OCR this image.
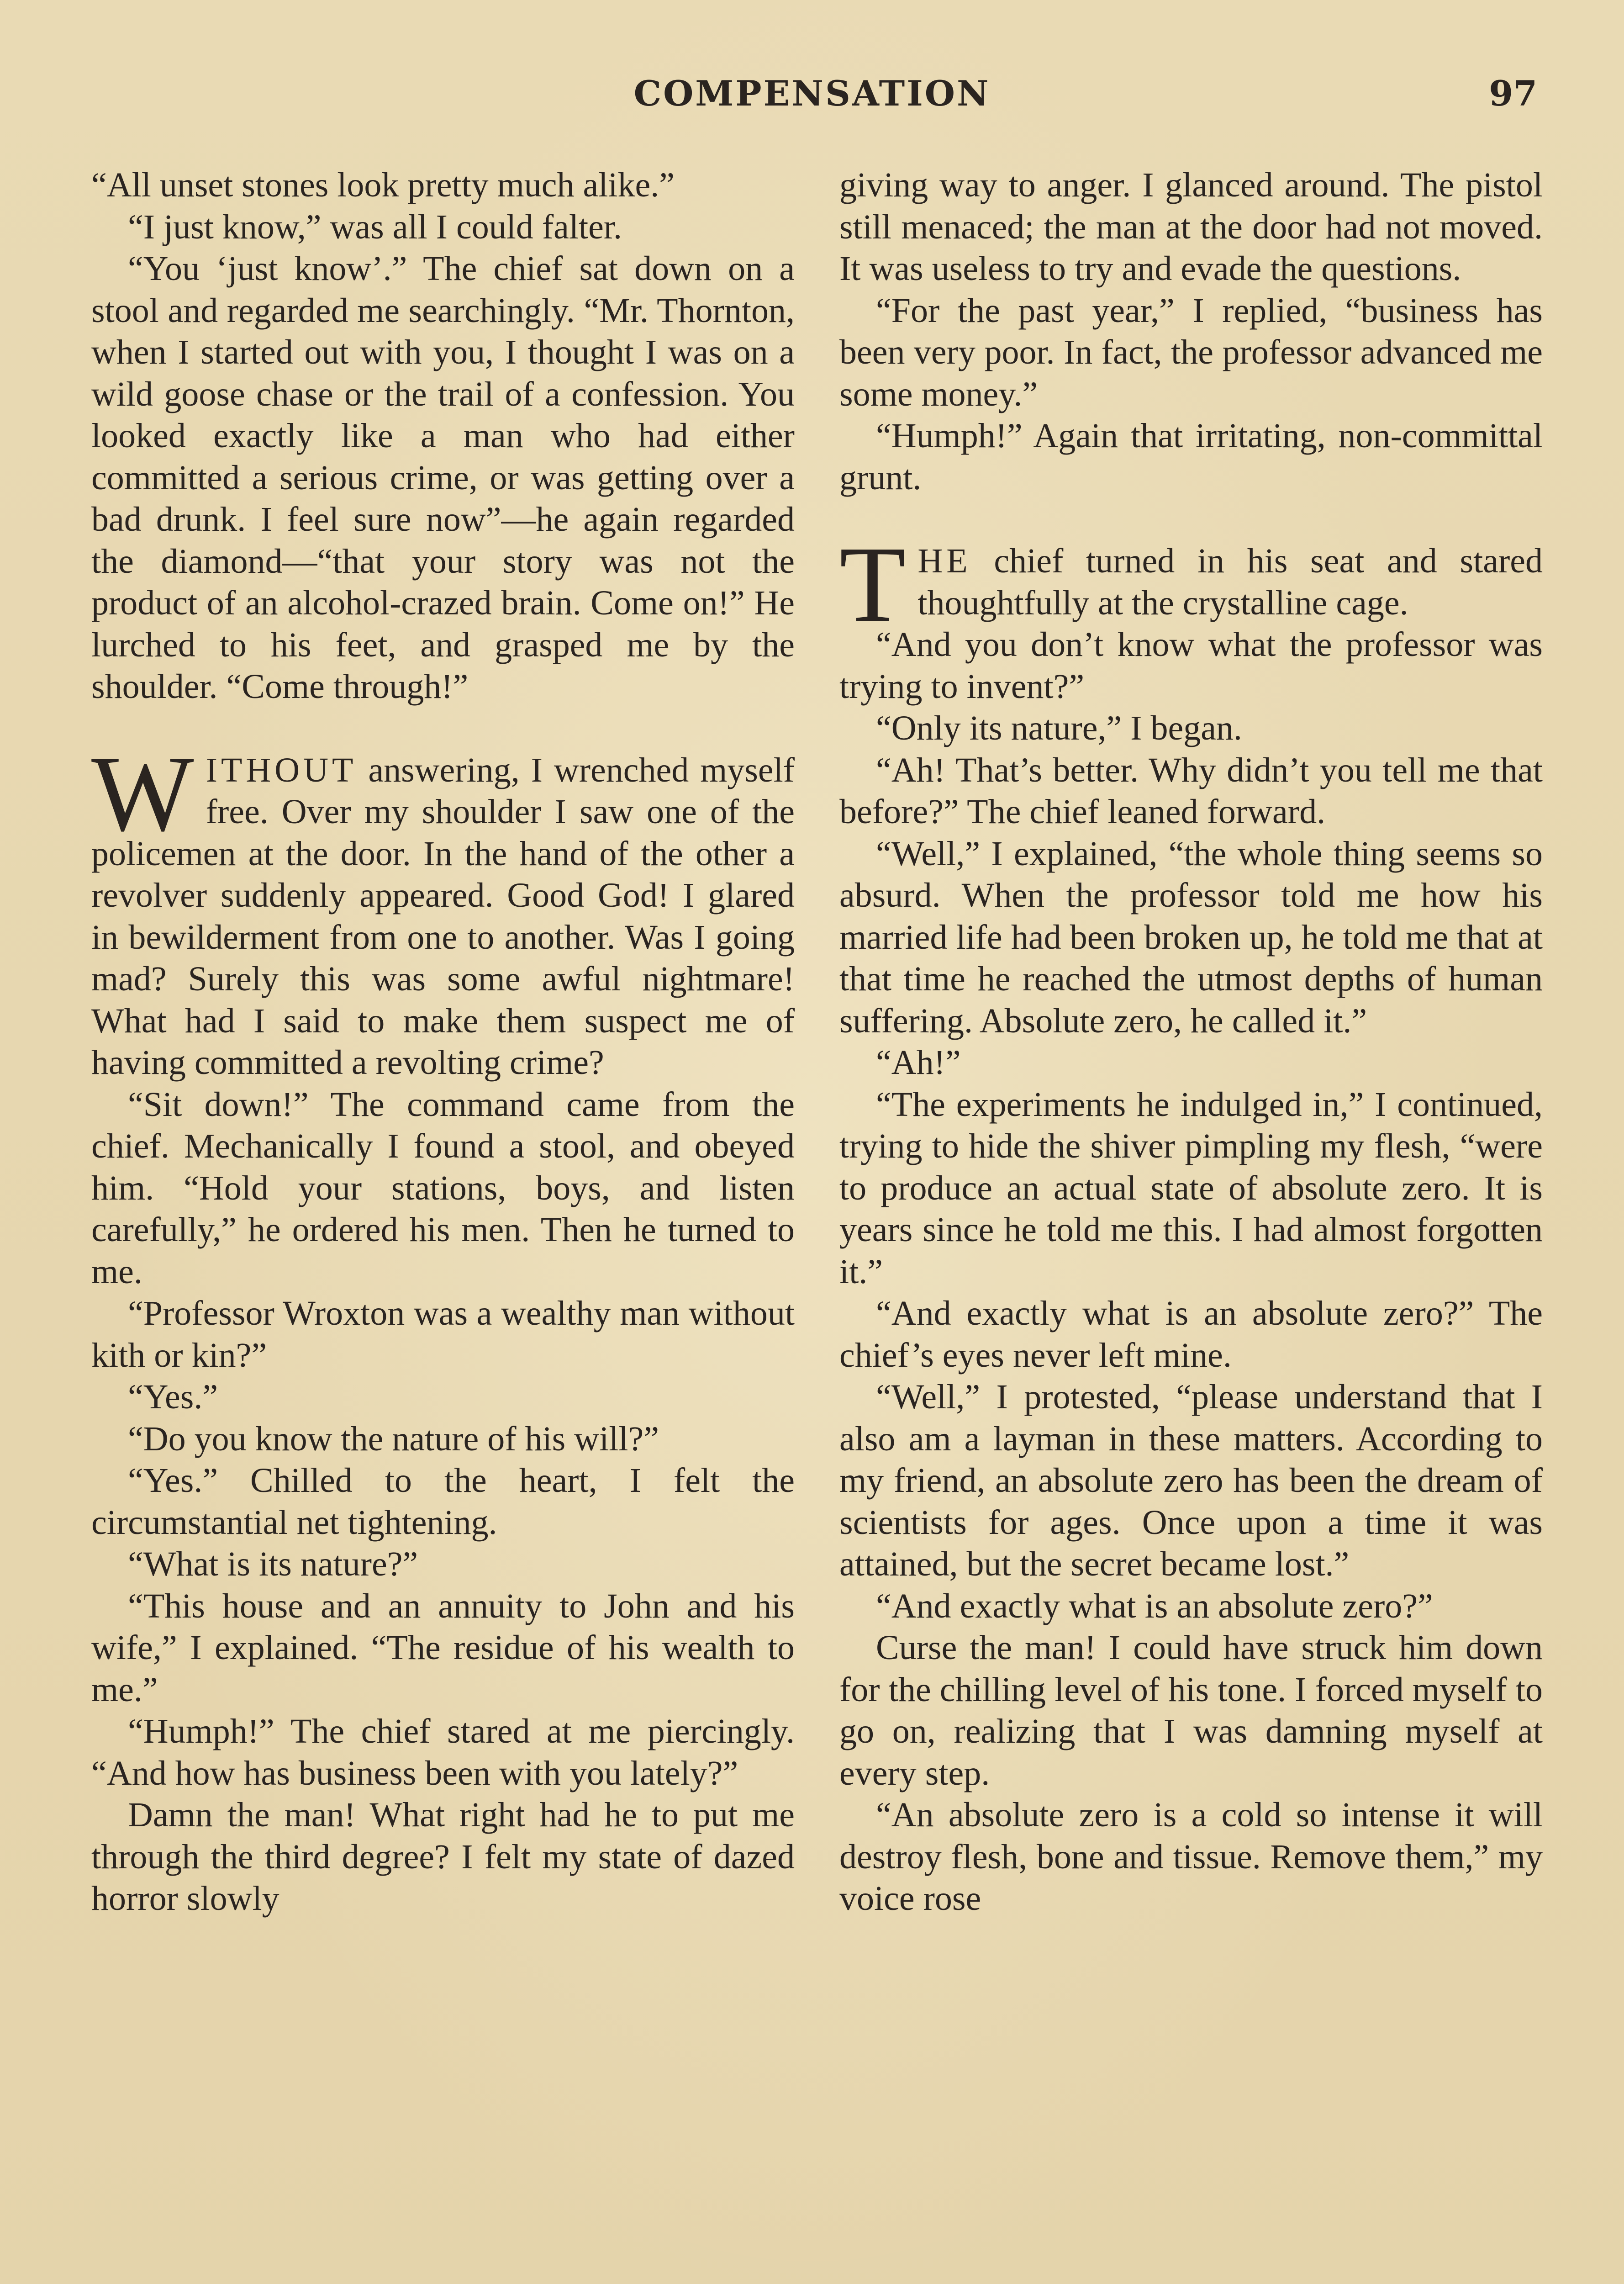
COMPENSATION	97

“All unset stones look pretty much alike.”

“I just know,” was all I could falter.

“You ‘just know’.” The chief sat down on a stool and regarded me searchingly. “Mr. Thornton, when I started out with you, I thought I was on a wild goose chase or the trail of a confession. You looked exactly like a man who had either committed a serious crime, or was getting over a bad drunk. I feel sure now”—he again regarded the diamond—“that your story was not the product of an alcohol-crazed brain. Come on!” He lurched to his feet, and grasped me by the shoulder. “Come through!”

WITHOUT answering, I wrenched myself free. Over my shoulder I saw one of the policemen at the door. In the hand of the other a revolver suddenly appeared. Good God! I glared in bewilderment from one to another. Was I going mad? Surely this was some awful nightmare! What had I said to make them suspect me of having committed a revolting crime?

“Sit down!” The command came from the chief. Mechanically I found a stool, and obeyed him. “Hold your stations, boys, and listen carefully,” he ordered his men. Then he turned to me.

“Professor Wroxton was a wealthy man without kith or kin?”

“Yes.”

“Do you know the nature of his will?”

“Yes.” Chilled to the heart, I felt the circumstantial net tightening.

“What is its nature?”

“This house and an annuity to John and his wife,” I explained. “The residue of his wealth to me.”

“Humph!” The chief stared at me piercingly. “And how has business been with you lately?”

Damn the man! What right had he to put me through the third degree? I felt my state of dazed horror slowly

giving way to anger. I glanced around. The pistol still menaced; the man at the door had not moved. It was useless to try and evade the questions.

“For the past year,” I replied, “business has been very poor. In fact, the professor advanced me some money.”

“Humph!” Again that irritating, non-committal grunt.

THE chief turned in his seat and stared thoughtfully at the crystalline cage.

“And you don’t know what the professor was trying to invent?”

“Only its nature,” I began.

“Ah! That’s better. Why didn’t you tell me that before?” The chief leaned forward.

“Well,” I explained, “the whole thing seems so absurd. When the professor told me how his married life had been broken up, he told me that at that time he reached the utmost depths of human suffering. Absolute zero, he called it.”

“Ah!”

“The experiments he indulged in,” I continued, trying to hide the shiver pimpling my flesh, “were to produce an actual state of absolute zero. It is years since he told me this. I had almost forgotten it.”

“And exactly what is an absolute zero?” The chief’s eyes never left mine.

“Well,” I protested, “please understand that I also am a layman in these matters. According to my friend, an absolute zero has been the dream of scientists for ages. Once upon a time it was attained, but the secret became lost.”

“And exactly what is an absolute zero?”

Curse the man! I could have struck him down for the chilling level of his tone. I forced myself to go on, realizing that I was damning myself at every step.

“An absolute zero is a cold so intense it will destroy flesh, bone and tissue. Remove them,” my voice rose
